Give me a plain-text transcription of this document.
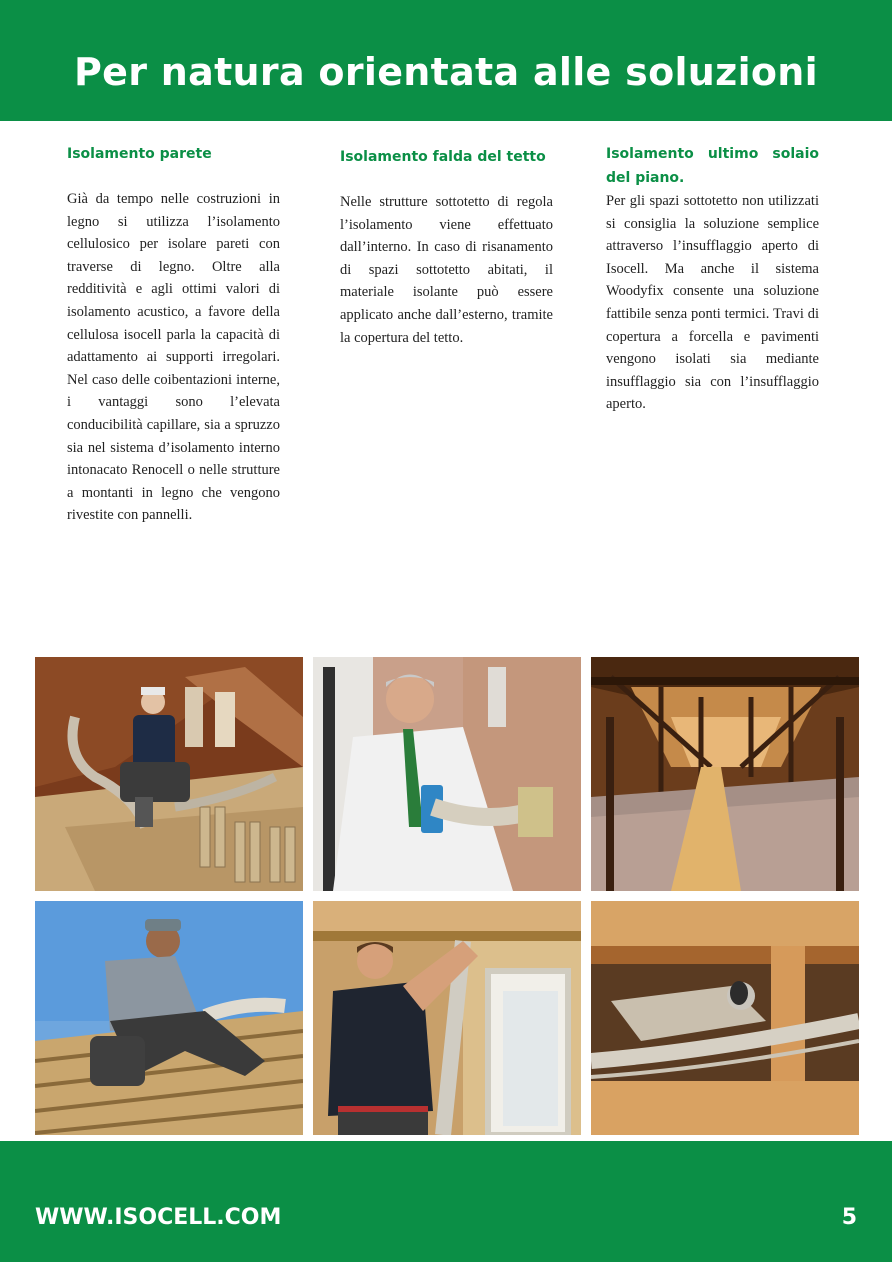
Per natura orientata alle soluzioni
Isolamento parete

Già da tempo nelle costruzioni in legno si utilizza l’isolamento cellulosico per isolare pareti con traverse di legno. Oltre alla redditività e agli ottimi valori di isolamento acustico, a favore della cellulosa isocell parla la capacità di adattamento ai supporti irregolari. Nel caso delle coibentazioni interne, i vantaggi sono l’elevata conducibilità capillare, sia a spruzzo sia nel sistema d’isolamento interno intonacato Renocell o nelle strutture a montanti in legno che vengono rivestite con pannelli.

Isolamento falda del tetto

Nelle strutture sottotetto di regola l’isolamento viene effettuato dall’interno. In caso di risanamento di spazi sottotetto abitati, il materiale isolante può essere applicato anche dall’esterno, tramite la copertura del tetto.

Isolamento ultimo solaio del piano.

Per gli spazi sottotetto non utilizzati si consiglia la soluzione semplice attraverso l’insufflaggio aperto di Isocell. Ma anche il sistema Woodyfix consente una soluzione fattibile senza ponti termici. Travi di copertura a forcella e pavimenti vengono isolati sia mediante insufflaggio sia con l’insufflaggio aperto.

WWW.ISOCELL.COM	5
